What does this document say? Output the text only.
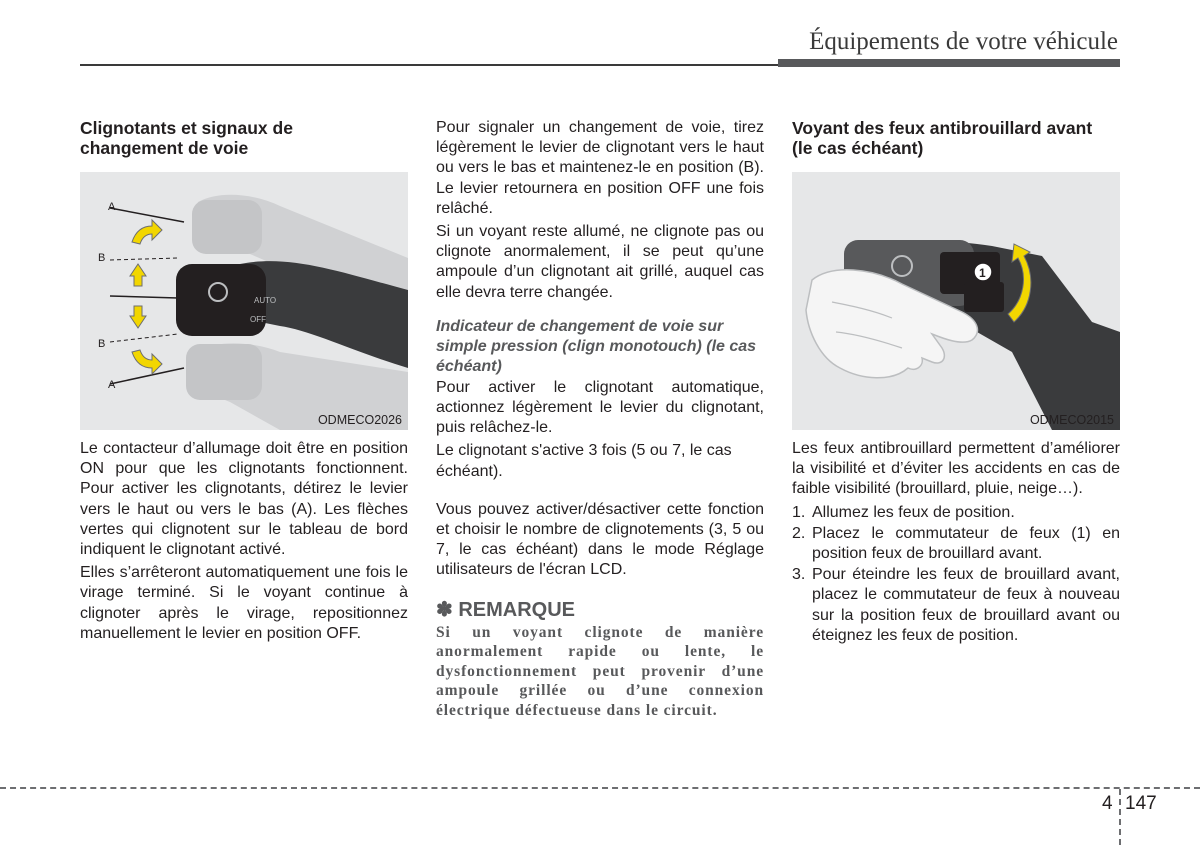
Équipements de votre véhicule
Clignotants et signaux de changement de voie
AUTO
OFF
A
B
B
A
ODMECO2026

Le contacteur d’allumage doit être en position ON pour que les clignotants fonctionnent. Pour activer les clignotants, détirez le levier vers le haut ou vers le bas (A). Les flèches vertes qui clignotent sur le tableau de bord indiquent le clignotant activé.

Elles s’arrêteront automatiquement une fois le virage terminé. Si le voyant continue à clignoter après le virage, repositionnez manuellement le levier en position OFF.

Pour signaler un changement de voie, tirez légèrement le levier de clignotant vers le haut ou vers le bas et maintenez-le en position (B). Le levier retournera en position OFF une fois relâché.

Si un voyant reste allumé, ne clignote pas ou clignote anormalement, il se peut qu’une ampoule d’un clignotant ait grillé, auquel cas elle devra terre changée.

Indicateur de changement de voie sur simple pression (clign monotouch) (le cas échéant)

Pour activer le clignotant automatique, actionnez légèrement le levier du clignotant, puis relâchez-le.

Le clignotant s'active 3 fois (5 ou 7, le cas échéant).

Vous pouvez activer/désactiver cette fonction et choisir le nombre de clignotements (3, 5 ou 7, le cas échéant) dans le mode Réglage utilisateurs de l'écran LCD.

✽ REMARQUE

Si un voyant clignote de manière anormalement rapide ou lente, le dysfonctionnement peut provenir d’une ampoule grillée ou d’une connexion électrique défectueuse dans le circuit.

Voyant des feux antibrouillard avant (le cas échéant)
1
ODMECO2015

Les feux antibrouillard permettent d’améliorer la visibilité et d’éviter les accidents en cas de faible visibilité (brouillard, pluie, neige…).

1. Allumez les feux de position.
2. Placez le commutateur de feux (1) en position feux de brouillard avant.
3. Pour éteindre les feux de brouillard avant, placez le commutateur de feux à nouveau sur la position feux de brouillard avant ou éteignez les feux de position.
4 147
